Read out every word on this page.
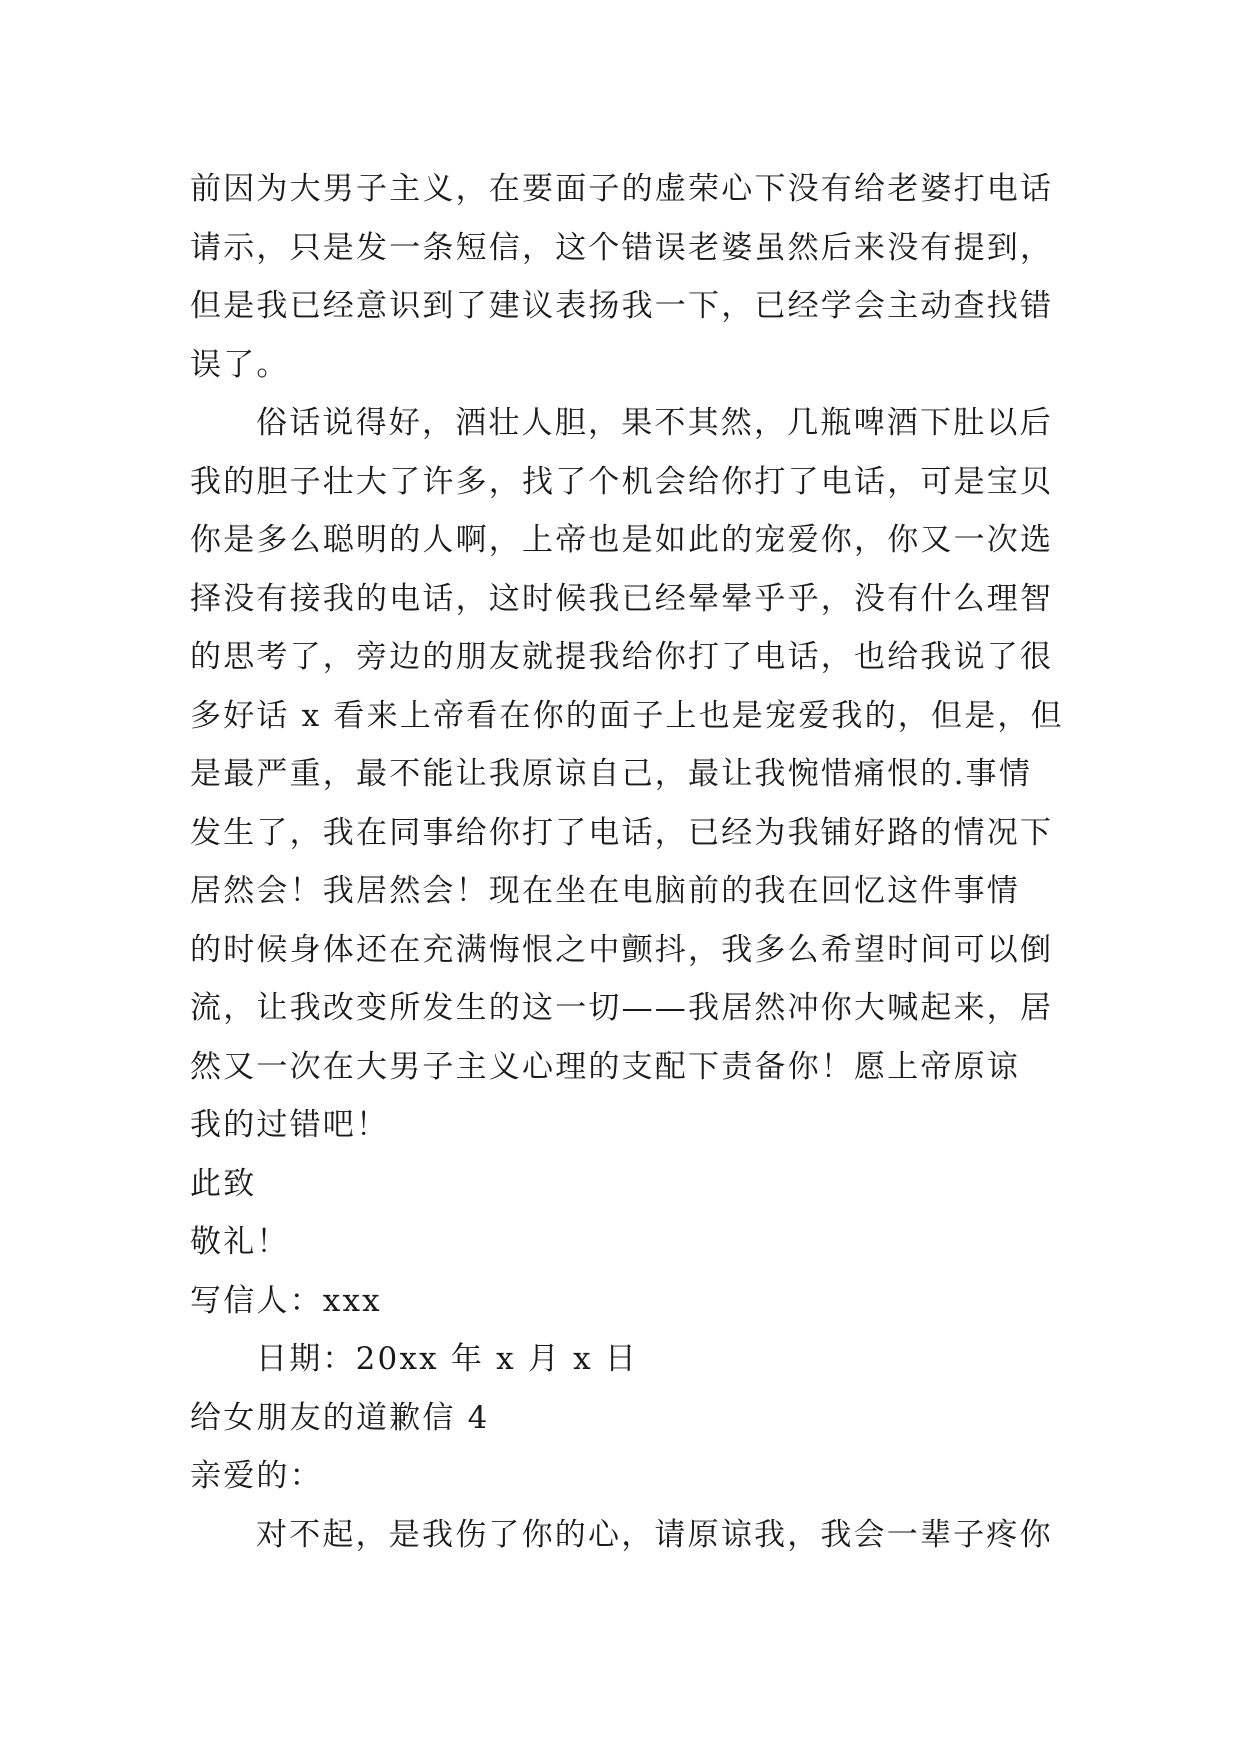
前因为大男子主义，在要面子的虚荣心下没有给老婆打电话
请示，只是发一条短信，这个错误老婆虽然后来没有提到，
但是我已经意识到了建议表扬我一下，已经学会主动查找错
误了。
俗话说得好，酒壮人胆，果不其然，几瓶啤酒下肚以后
我的胆子壮大了许多，找了个机会给你打了电话，可是宝贝
你是多么聪明的人啊，上帝也是如此的宠爱你，你又一次选
择没有接我的电话，这时候我已经晕晕乎乎，没有什么理智
的思考了，旁边的朋友就提我给你打了电话，也给我说了很
多好话 x 看来上帝看在你的面子上也是宠爱我的，但是，但
是最严重，最不能让我原谅自己，最让我惋惜痛恨的.事情
发生了，我在同事给你打了电话，已经为我铺好路的情况下
居然会！我居然会！现在坐在电脑前的我在回忆这件事情
的时候身体还在充满悔恨之中颤抖，我多么希望时间可以倒
流，让我改变所发生的这一切——我居然冲你大喊起来，居
然又一次在大男子主义心理的支配下责备你！愿上帝原谅
我的过错吧！
此致
敬礼！
写信人：xxx
日期：20xx 年 x 月 x 日
给女朋友的道歉信 4
亲爱的：
对不起，是我伤了你的心，请原谅我，我会一辈子疼你
